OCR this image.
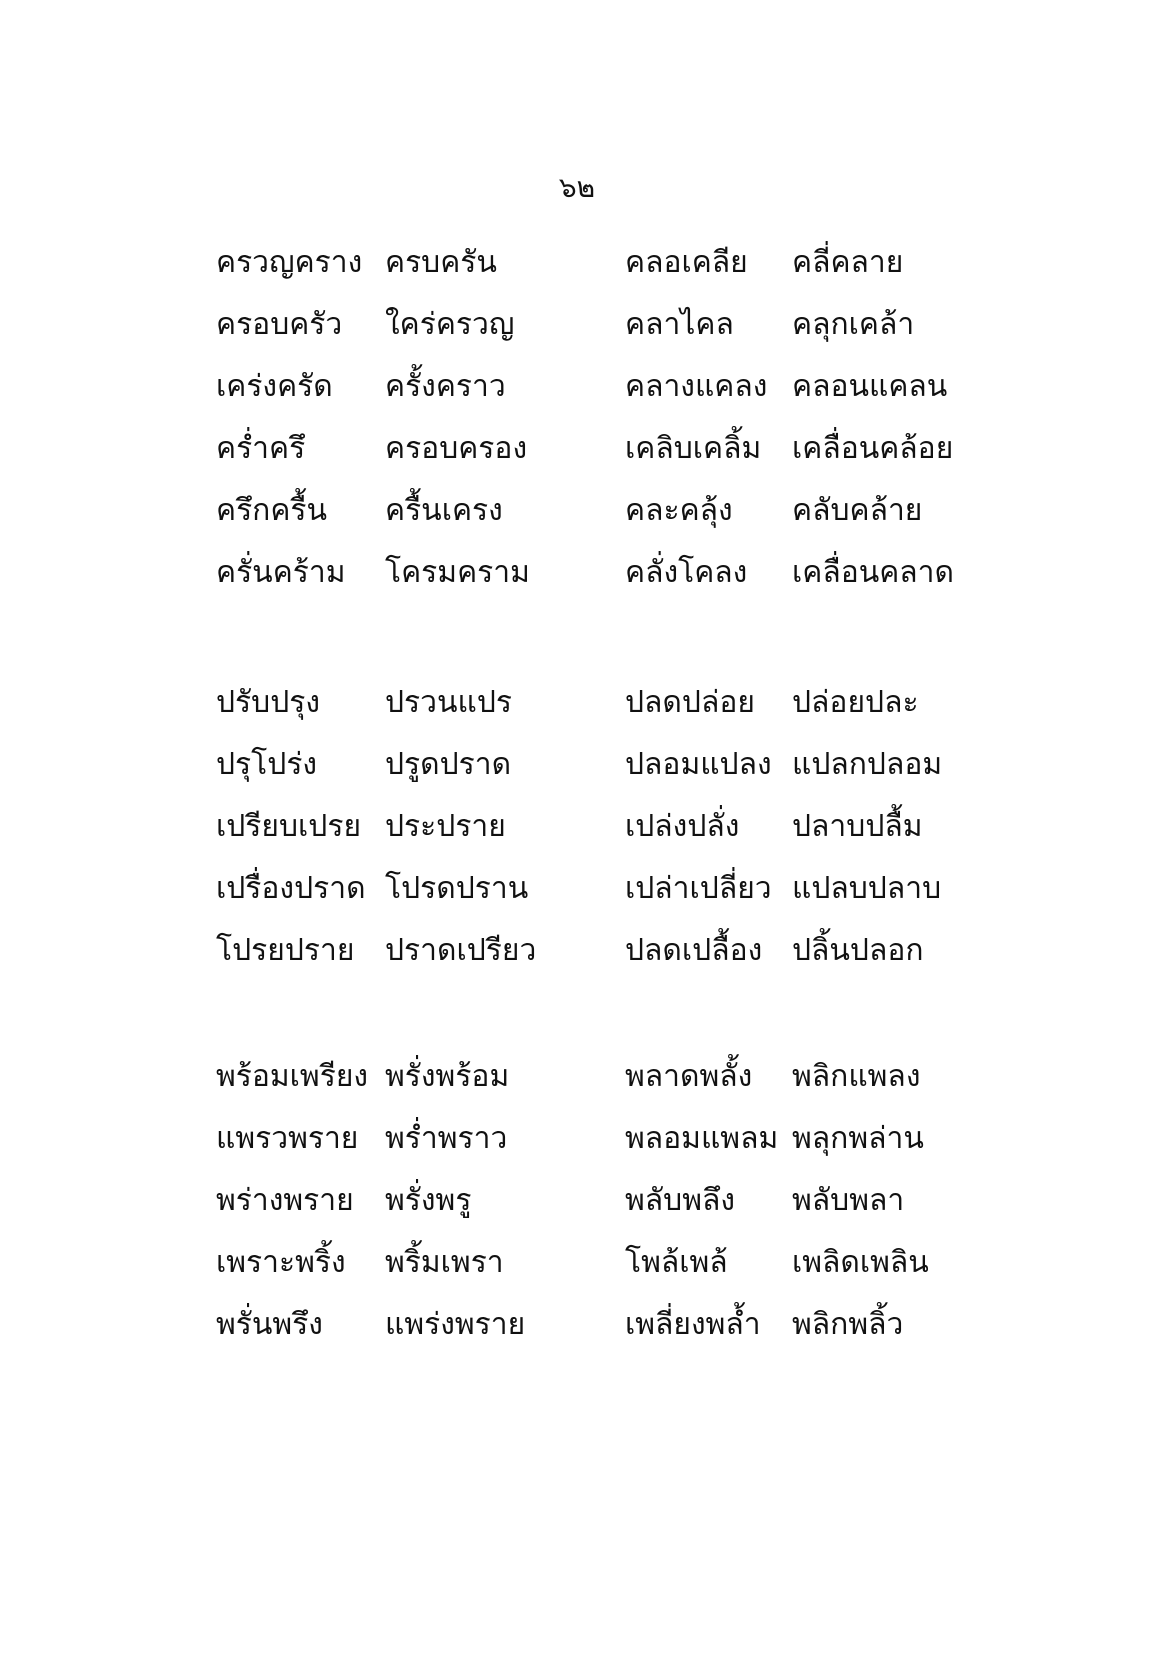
๖๒
ครวญคราง ครบครัน	คลอเคลีย คลี่คลาย
ครอบครัว ใคร่ครวญ	คลาไคล คลุกเคล้า
เคร่งครัด ครั้งคราว	คลางแคลง คลอนแคลน
คร่ำครึ	ครอบครอง	เคลิบเคลิ้ม เคลื่อนคล้อย
ครึกครื้น ครื้นเครง	คละคลุ้ง คลับคล้าย
ครั่นคร้าม โครมคราม	คลั่งโคลง เคลื่อนคลาด
ปรับปรุง ปรวนแปร	ปลดปล่อย ปล่อยปละ
ปรุโปร่ง ปรูดปราด	ปลอมแปลง แปลกปลอม
เปรียบเปรย ประปราย	เปล่งปลั่ง ปลาบปลื้ม
เปรื่องปราด โปรดปราน	เปล่าเปลี่ยว แปลบปลาบ
โปรยปราย ปราดเปรียว	ปลดเปลื้อง ปลิ้นปลอก
พร้อมเพรียง พรั่งพร้อม	พลาดพลั้ง พลิกแพลง
แพรวพราย พร่ำพราว	พลอมแพลม พลุกพล่าน
พร่างพราย พรั่งพรู	พลับพลึง พลับพลา
เพราะพริ้ง พริ้มเพรา	โพล้เพล้ เพลิดเพลิน
พรั่นพรึง แพร่งพราย	เพลี่ยงพล้ำ พลิกพลิ้ว
